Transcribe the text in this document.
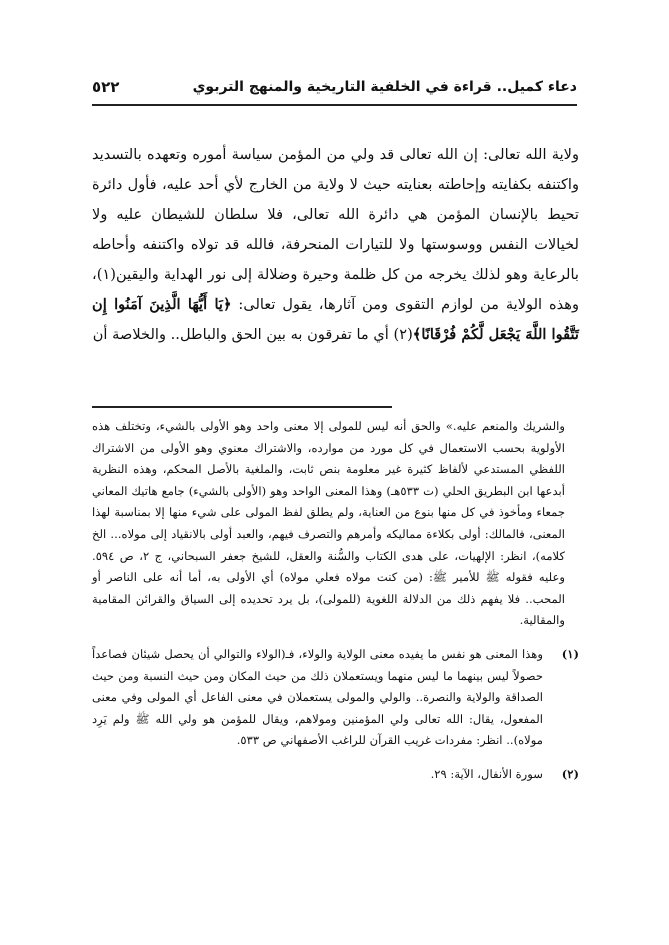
دعاء كميل.. قراءة في الخلفية التاريخية والمنهج التربوي
٥٢٢

ولاية الله تعالى: إن الله تعالى قد ولي من المؤمن سياسة أموره وتعهده بالتسديد واكتنفه بكفايته وإحاطته بعنايته حيث لا ولاية من الخارج لأي أحد عليه، فأول دائرة تحيط بالإنسان المؤمن هي دائرة الله تعالى، فلا سلطان للشيطان عليه ولا لخيالات النفس ووسوستها ولا للتيارات المنحرفة، فالله قد تولاه واكتنفه وأحاطه بالرعاية وهو لذلك يخرجه من كل ظلمة وحيرة وضلالة إلى نور الهداية واليقين(١)، وهذه الولاية من لوازم التقوى ومن آثارها، يقول تعالى: ﴿يَا أَيُّهَا الَّذِينَ آمَنُوا إِن تَتَّقُوا اللَّهَ يَجْعَل لَّكُمْ فُرْقَانًا﴾(٢) أي ما تفرقون به بين الحق والباطل.. والخلاصة أن

والشريك والمنعم عليه.» والحق أنه ليس للمولى إلا معنى واحد وهو الأولى بالشيء، وتختلف هذه الأولوية بحسب الاستعمال في كل مورد من موارده، والاشتراك معنوي وهو الأولى من الاشتراك اللفظي المستدعي لألفاظ كثيرة غير معلومة بنص ثابت، والملغية بالأصل المحكم، وهذه النظرية أبدعها ابن البطريق الحلي (ت ٥٣٣هـ) وهذا المعنى الواحد وهو (الأولى بالشيء) جامع هاتيك المعاني جمعاء ومأخوذ في كل منها بنوع من العناية، ولم يطلق لفظ المولى على شيء منها إلا بمناسبة لهذا المعنى، فالمالك: أولى بكلاءة مماليكه وأمرهم والتصرف فيهم، والعبد أولى بالانقياد إلى مولاه... الخ كلامه)، انظر: الإلهيات، على هدى الكتاب والسُّنة والعقل، للشيخ جعفر السبحاني، ج ٢، ص ٥٩٤. وعليه فقوله ﷺ للأمير ﷺ: (من كنت مولاه فعلي مولاه) أي الأولى به، أما أنه على الناصر أو المحب.. فلا يفهم ذلك من الدلالة اللغوية (للمولى)، بل يرد تحديده إلى السياق والقرائن المقامية والمقالية.

(١)
وهذا المعنى هو نفس ما يفيده معنى الولاية والولاء، فـ(الولاء والتوالي أن يحصل شيئان فصاعداً حصولاً ليس بينهما ما ليس منهما ويستعملان ذلك من حيث المكان ومن حيث النسبة ومن حيث الصداقة والولاية والنصرة.. والولي والمولى يستعملان في معنى الفاعل أي المولى وفي معنى المفعول، يقال: الله تعالى ولي المؤمنين ومولاهم، ويقال للمؤمن هو ولي الله ﷺ ولم يَرِد مولاه).. انظر: مفردات غريب القرآن للراغب الأصفهاني ص ٥٣٣.
(٢)
سورة الأنفال، الآية: ٢٩.
